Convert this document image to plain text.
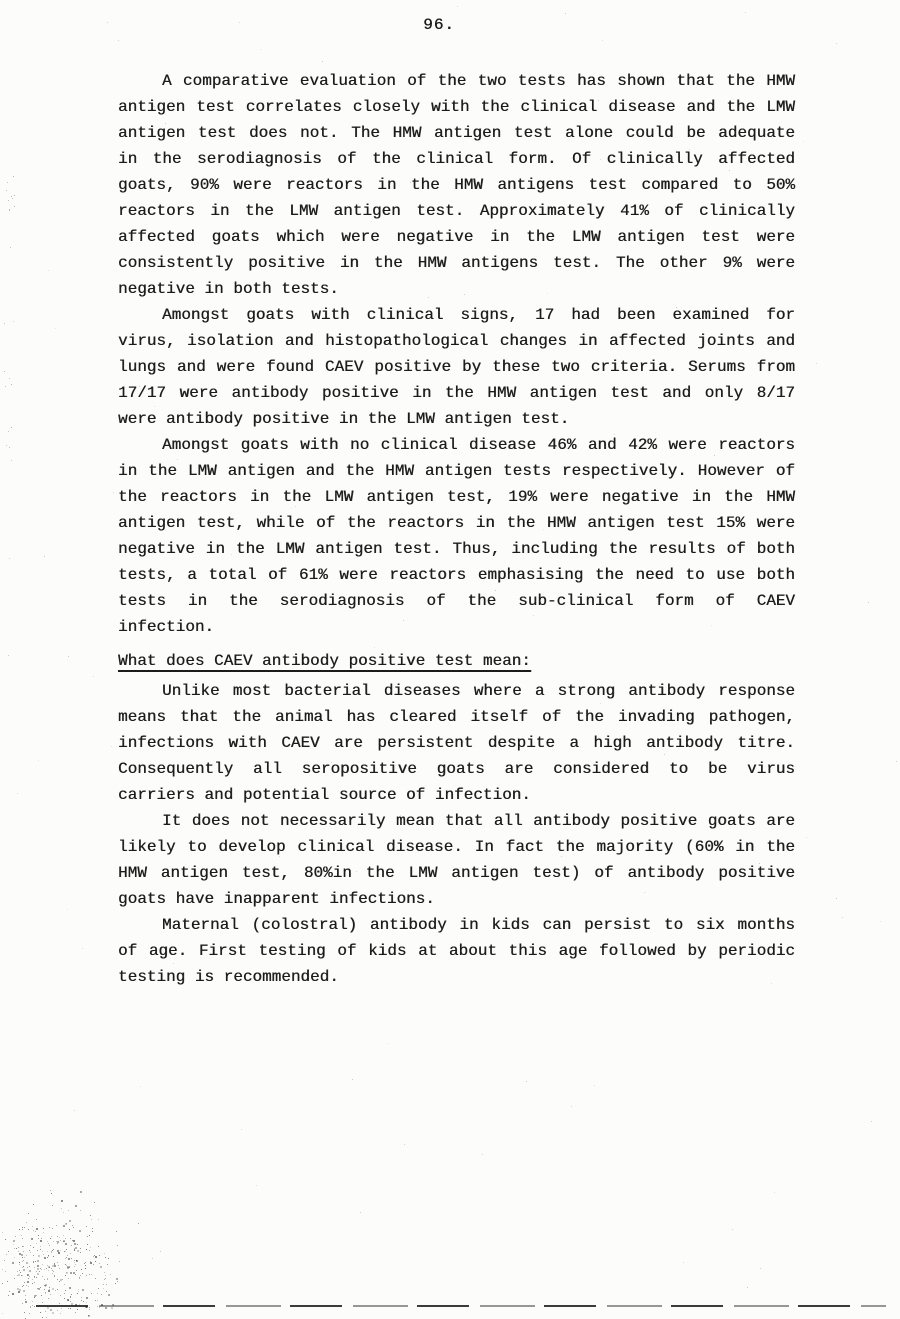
96.
A comparative evaluation of the two tests has shown that the HMW
antigen test correlates closely with the clinical disease and the LMW
antigen test does not. The HMW antigen test alone could be adequate
in the serodiagnosis of the clinical form. Of clinically affected
goats, 90% were reactors in the HMW antigens test compared to 50%
reactors in the LMW antigen test. Approximately 41% of clinically
affected goats which were negative in the LMW antigen test were
consistently positive in the HMW antigens test. The other 9% were
negative in both tests.
Amongst goats with clinical signs, 17 had been examined for
virus, isolation and histopathological changes in affected joints and
lungs and were found CAEV positive by these two criteria. Serums from
17/17 were antibody positive in the HMW antigen test and only 8/17
were antibody positive in the LMW antigen test.
Amongst goats with no clinical disease 46% and 42% were reactors
in the LMW antigen and the HMW antigen tests respectively. However of
the reactors in the LMW antigen test, 19% were negative in the HMW
antigen test, while of the reactors in the HMW antigen test 15% were
negative in the LMW antigen test. Thus, including the results of both
tests, a total of 61% were reactors emphasising the need to use both
tests in the serodiagnosis of the sub-clinical form of CAEV
infection.
What does CAEV antibody positive test mean:
Unlike most bacterial diseases where a strong antibody response
means that the animal has cleared itself of the invading pathogen,
infections with CAEV are persistent despite a high antibody titre.
Consequently all seropositive goats are considered to be virus
carriers and potential source of infection.
It does not necessarily mean that all antibody positive goats are
likely to develop clinical disease. In fact the majority (60% in the
HMW antigen test, 80%in the LMW antigen test) of antibody positive
goats have inapparent infections.
Maternal (colostral) antibody in kids can persist to six months
of age. First testing of kids at about this age followed by periodic
testing is recommended.
